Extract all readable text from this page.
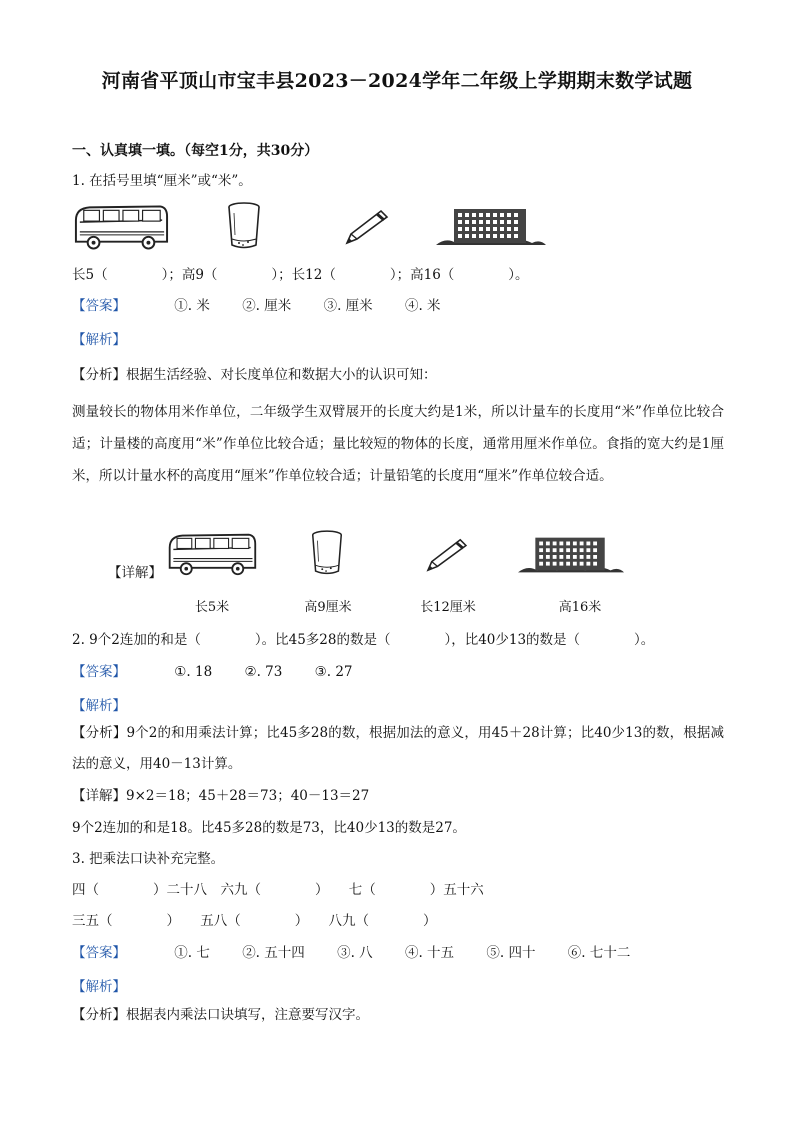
河南省平顶山市宝丰县2023－2024学年二年级上学期期末数学试题
一、认真填一填。（每空1分，共30分）
1. 在括号里填“厘米”或“米”。
长5（　　　　）；高9（　　　　）；长12（　　　　）；高16（　　　　）。
【答案】	①. 米 ②. 厘米 ③. 厘米 ④. 米
【解析】
【分析】根据生活经验、对长度单位和数据大小的认识可知：
测量较长的物体用米作单位，二年级学生双臂展开的长度大约是1米，所以计量车的长度用“米”作单位比较合适；计量楼的高度用“米”作单位比较合适；量比较短的物体的长度，通常用厘米作单位。食指的宽大约是1厘米，所以计量水杯的高度用“厘米”作单位较合适；计量铅笔的长度用“厘米”作单位较合适。
【详解】
长5米	高9厘米	长12厘米	高16米
2. 9个2连加的和是（　　　　）。比45多28的数是（　　　　），比40少13的数是（　　　　）。
【答案】	①. 18 ②. 73 ③. 27
【解析】
【分析】9个2的和用乘法计算；比45多28的数，根据加法的意义，用45＋28计算；比40少13的数，根据减法的意义，用40－13计算。
【详解】9×2＝18；45＋28＝73；40－13＝27
9个2连加的和是18。比45多28的数是73，比40少13的数是27。
3. 把乘法口诀补充完整。
四（　　　　）二十八　六九（　　　　）　　七（　　　　）五十六
三五（　　　　）　　五八（　　　　）　　八九（　　　　）
【答案】	①. 七 ②. 五十四 ③. 八 ④. 十五 ⑤. 四十 ⑥. 七十二
【解析】
【分析】根据表内乘法口诀填写，注意要写汉字。
